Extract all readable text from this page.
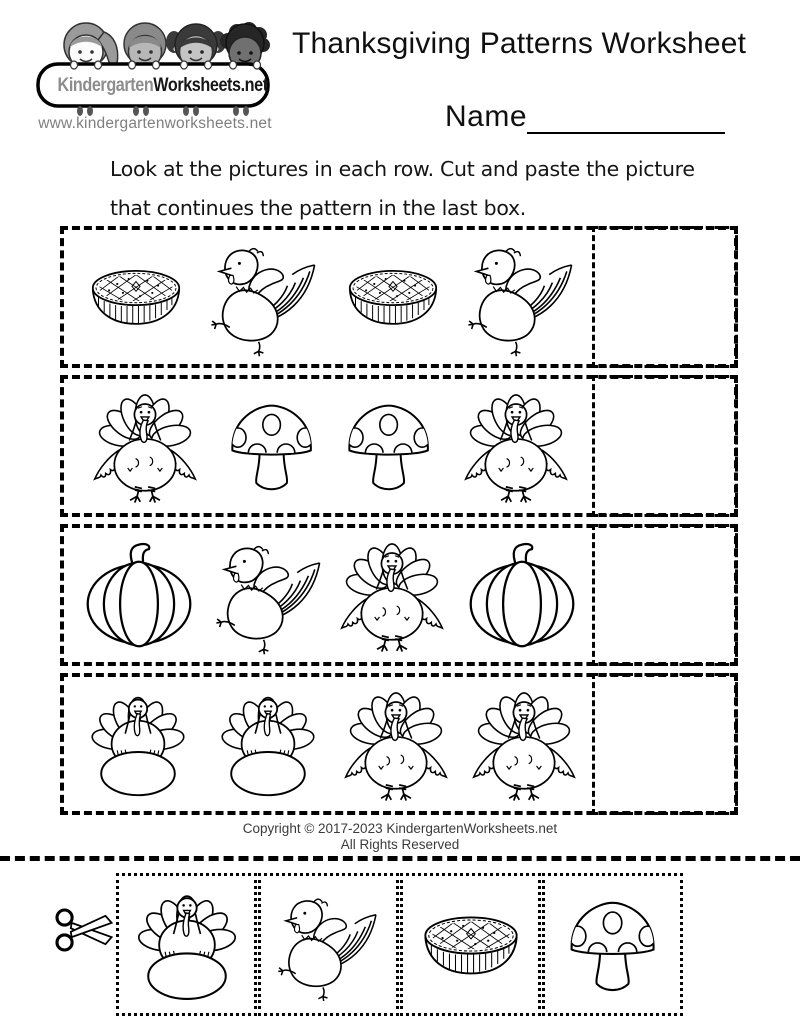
KindergartenWorksheets.net
www.kindergartenworksheets.net
Thanksgiving Patterns Worksheet
Name
Look at the pictures in each row. Cut and paste the picture
that continues the pattern in the last box.
Copyright © 2017-2023 KindergartenWorksheets.net
All Rights Reserved
